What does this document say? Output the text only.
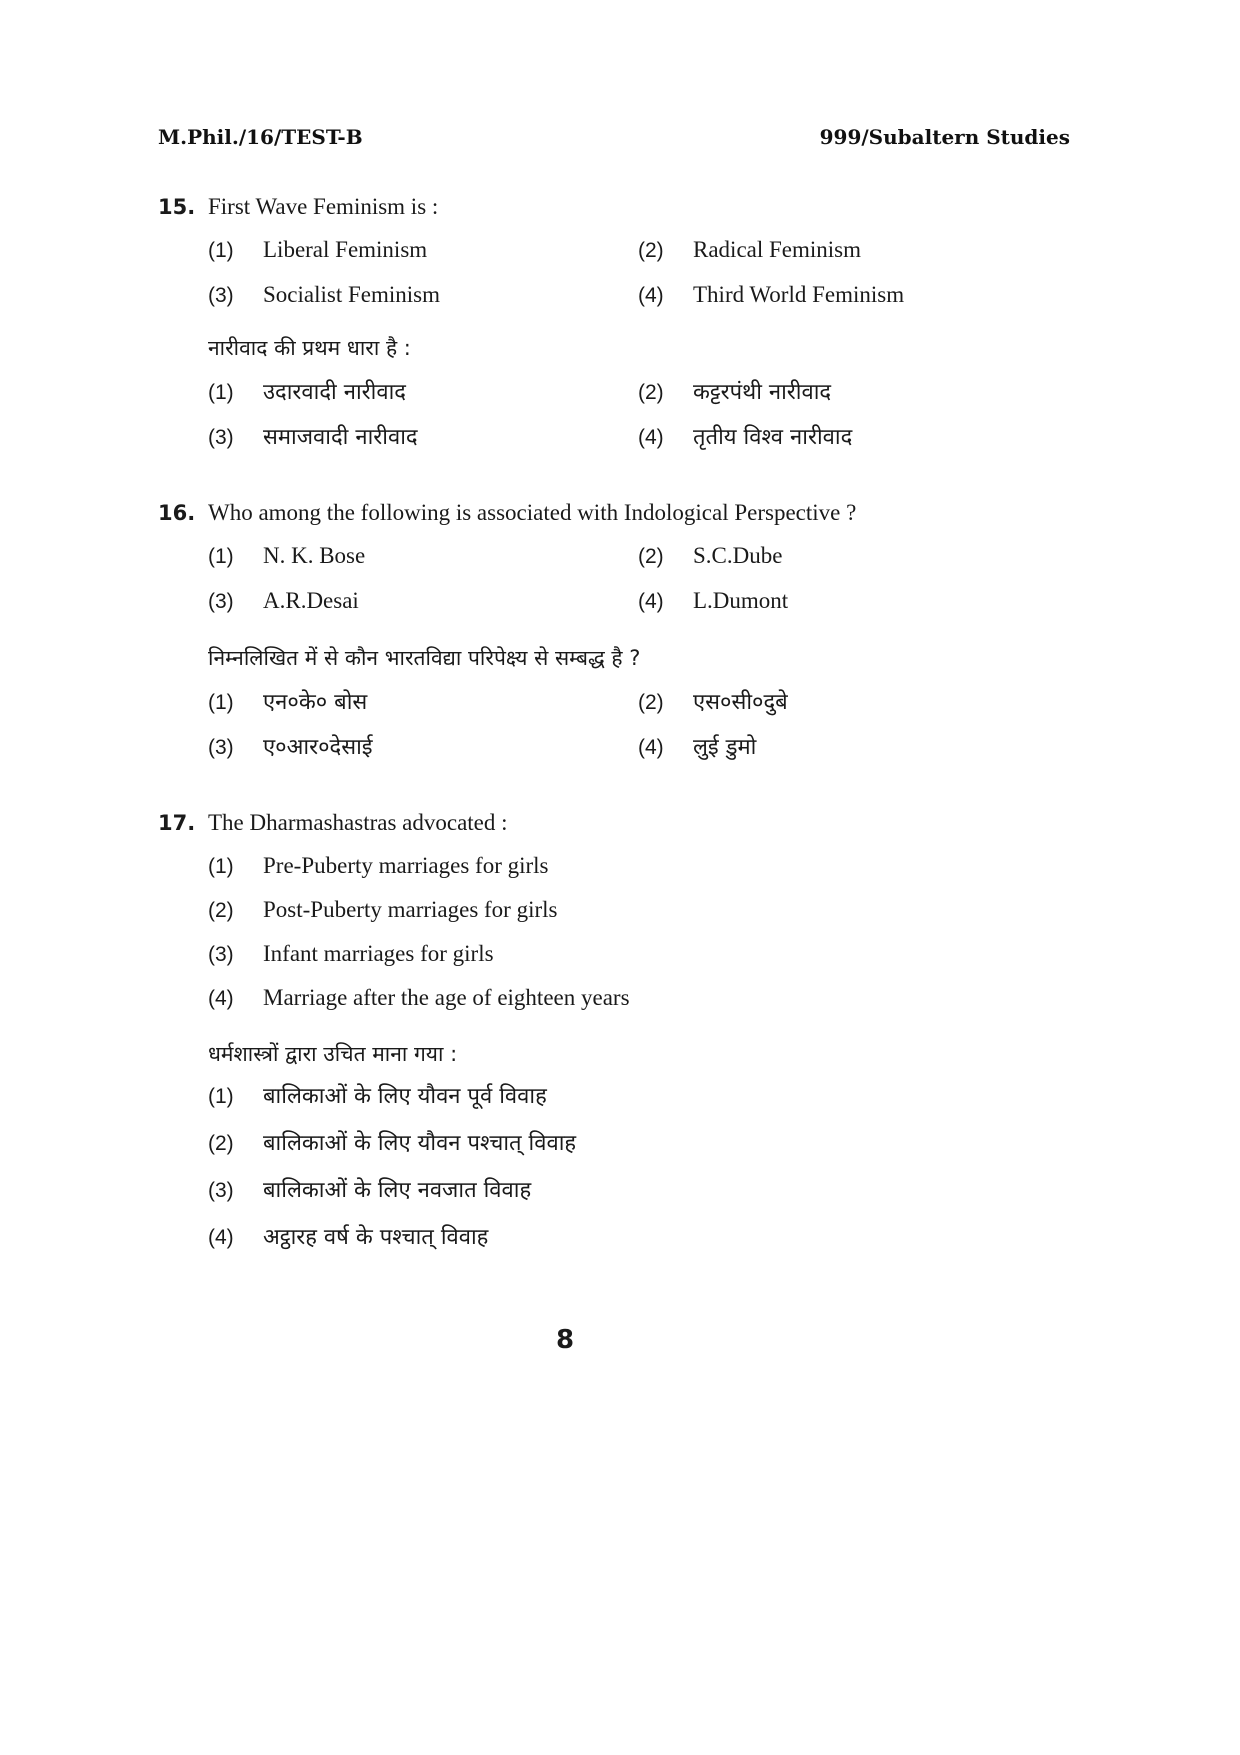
M.Phil./16/TEST-B	999/Subaltern Studies
15. First Wave Feminism is :
(1) Liberal Feminism	(2) Radical Feminism
(3) Socialist Feminism	(4) Third World Feminism
नारीवाद की प्रथम धारा है :
(1) उदारवादी नारीवाद	(2) कट्टरपंथी नारीवाद
(3) समाजवादी नारीवाद	(4) तृतीय विश्व नारीवाद
16. Who among the following is associated with Indological Perspective ?
(1) N. K. Bose	(2) S.C.Dube
(3) A.R.Desai	(4) L.Dumont
निम्नलिखित में से कौन भारतविद्या परिपेक्ष्य से सम्बद्ध है ?
(1) एन०के० बोस	(2) एस०सी०दुबे
(3) ए०आर०देसाई	(4) लुई डुमो
17. The Dharmashastras advocated :
(1) Pre-Puberty marriages for girls
(2) Post-Puberty marriages for girls
(3) Infant marriages for girls
(4) Marriage after the age of eighteen years
धर्मशास्त्रों द्वारा उचित माना गया :
(1) बालिकाओं के लिए यौवन पूर्व विवाह
(2) बालिकाओं के लिए यौवन पश्चात् विवाह
(3) बालिकाओं के लिए नवजात विवाह
(4) अट्ठारह वर्ष के पश्चात् विवाह
8
